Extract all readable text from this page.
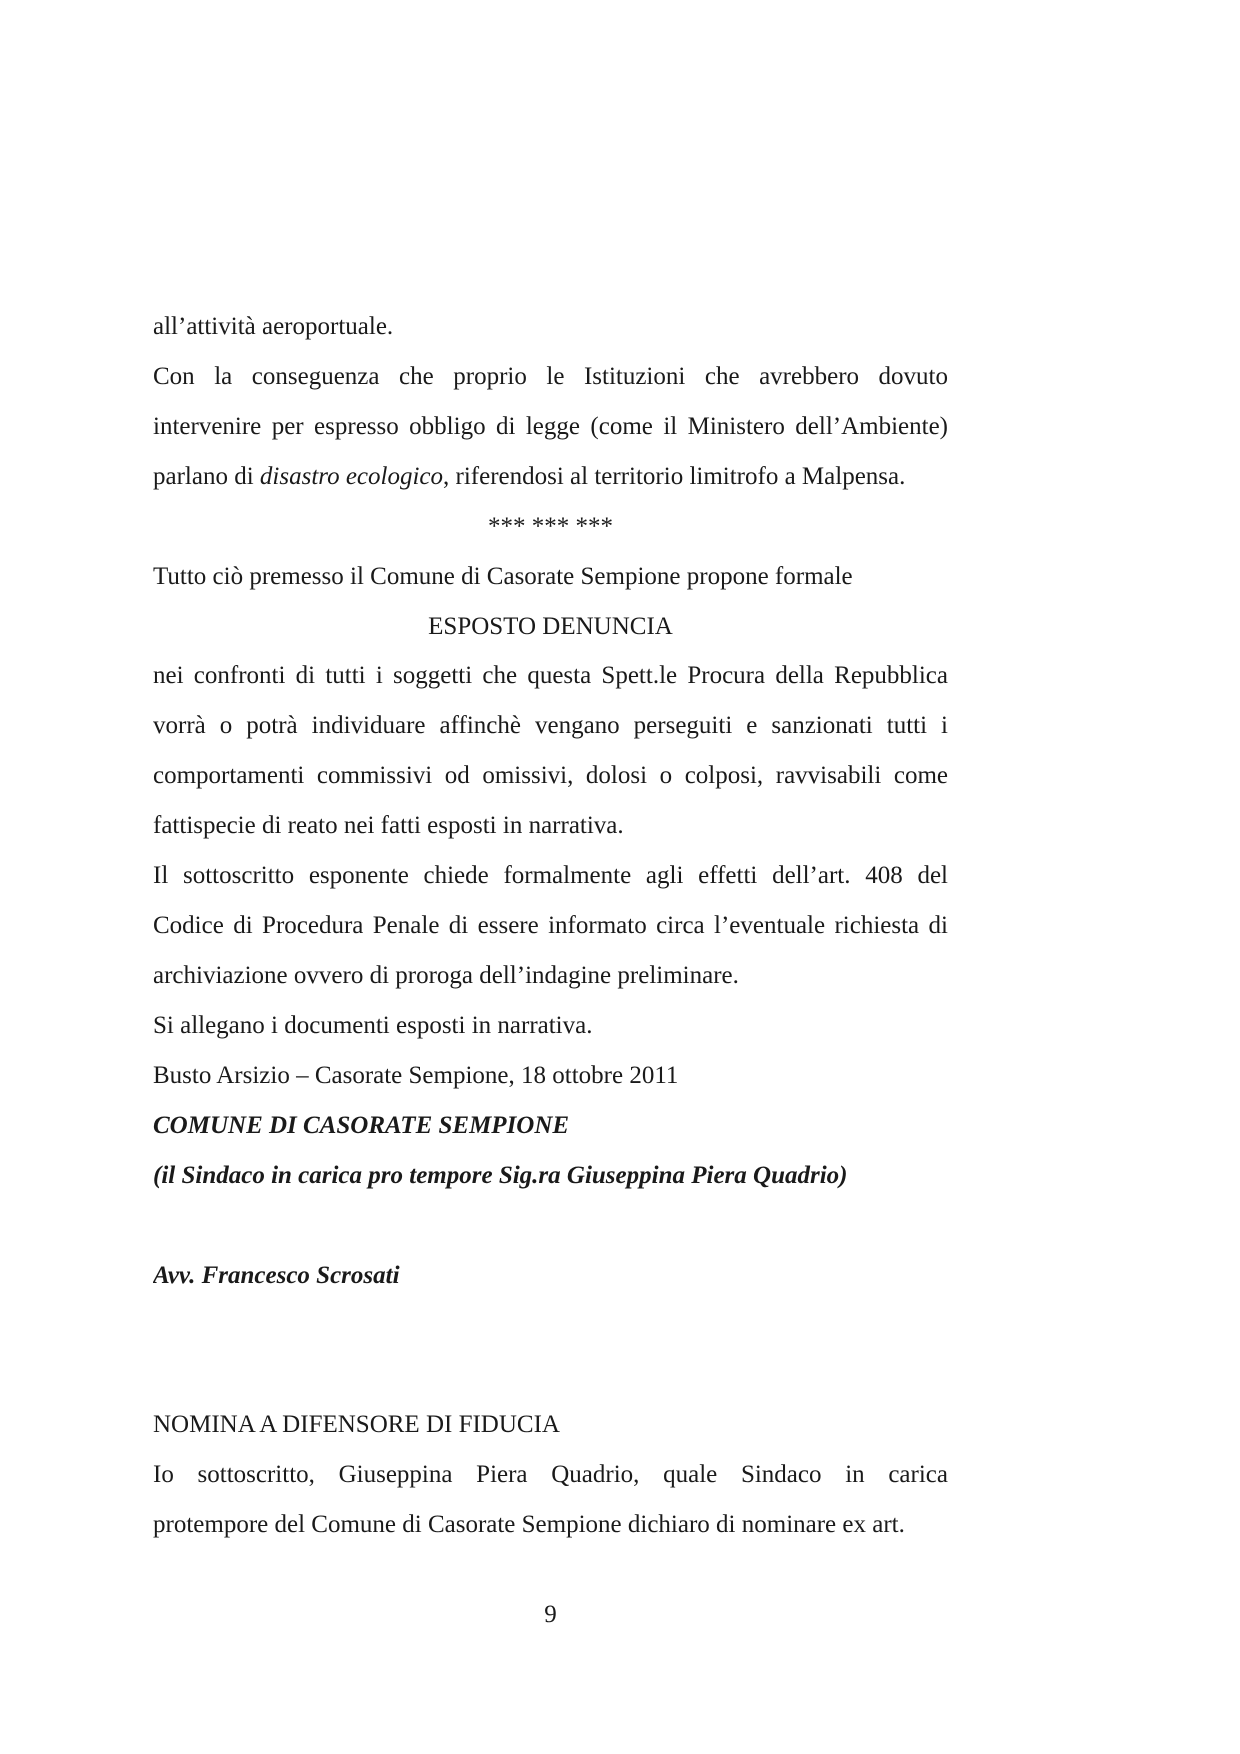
all’attività aeroportuale.
Con la conseguenza che proprio le Istituzioni che avrebbero dovuto
intervenire per espresso obbligo di legge (come il Ministero dell’Ambiente)
parlano di disastro ecologico, riferendosi al territorio limitrofo a Malpensa.
*** *** ***
Tutto ciò premesso il Comune di Casorate Sempione propone formale
ESPOSTO DENUNCIA
nei confronti di tutti i soggetti che questa Spett.le Procura della Repubblica
vorrà o potrà individuare affinchè vengano perseguiti e sanzionati tutti i
comportamenti commissivi od omissivi, dolosi o colposi, ravvisabili come
fattispecie di reato nei fatti esposti in narrativa.
Il sottoscritto esponente chiede formalmente agli effetti dell’art. 408 del
Codice di Procedura Penale di essere informato circa l’eventuale richiesta di
archiviazione ovvero di proroga dell’indagine preliminare.
Si allegano i documenti esposti in narrativa.
Busto Arsizio – Casorate Sempione, 18 ottobre 2011
COMUNE DI CASORATE SEMPIONE
(il Sindaco in carica pro tempore Sig.ra Giuseppina Piera Quadrio)
Avv. Francesco Scrosati
NOMINA A DIFENSORE DI FIDUCIA
Io sottoscritto, Giuseppina Piera Quadrio, quale Sindaco in carica
protempore del Comune di Casorate Sempione dichiaro di nominare ex art.
9
